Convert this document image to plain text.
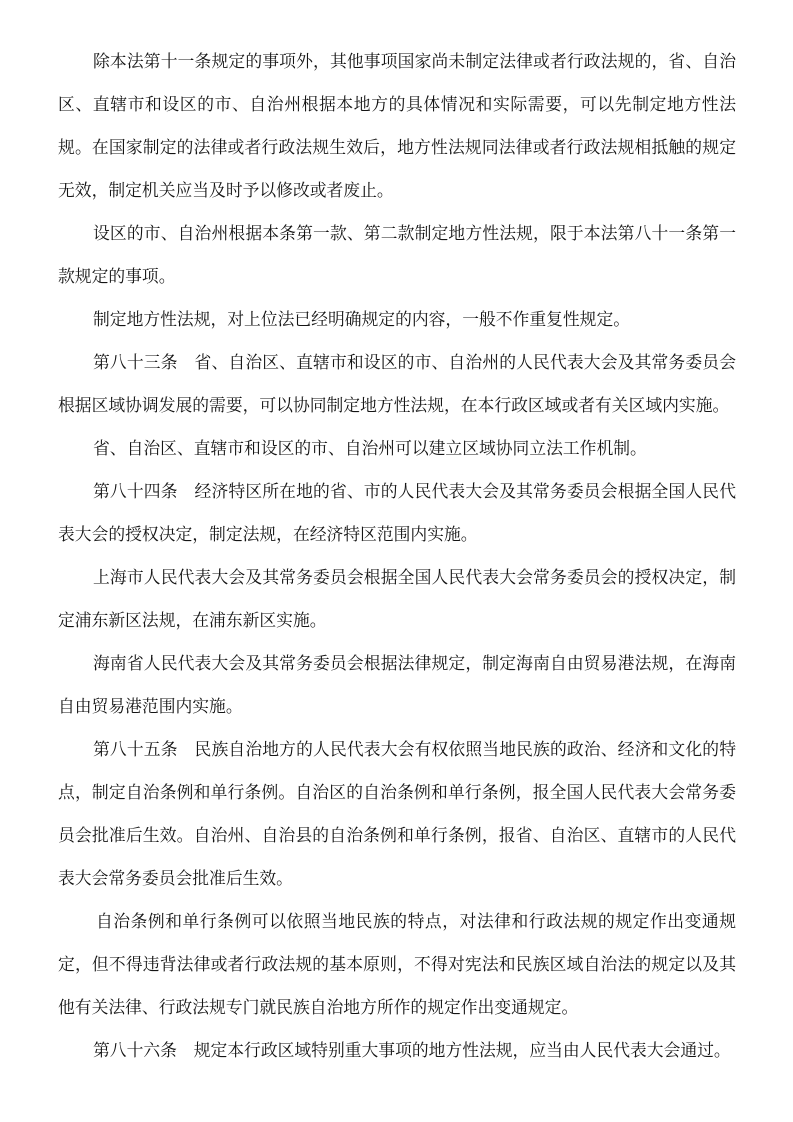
除本法第十一条规定的事项外，其他事项国家尚未制定法律或者行政法规的，省、自治
区、直辖市和设区的市、自治州根据本地方的具体情况和实际需要，可以先制定地方性法
规。在国家制定的法律或者行政法规生效后，地方性法规同法律或者行政法规相抵触的规定
无效，制定机关应当及时予以修改或者废止。
设区的市、自治州根据本条第一款、第二款制定地方性法规，限于本法第八十一条第一
款规定的事项。
制定地方性法规，对上位法已经明确规定的内容，一般不作重复性规定。
第八十三条　省、自治区、直辖市和设区的市、自治州的人民代表大会及其常务委员会
根据区域协调发展的需要，可以协同制定地方性法规，在本行政区域或者有关区域内实施。
省、自治区、直辖市和设区的市、自治州可以建立区域协同立法工作机制。
第八十四条　经济特区所在地的省、市的人民代表大会及其常务委员会根据全国人民代
表大会的授权决定，制定法规，在经济特区范围内实施。
上海市人民代表大会及其常务委员会根据全国人民代表大会常务委员会的授权决定，制
定浦东新区法规，在浦东新区实施。
海南省人民代表大会及其常务委员会根据法律规定，制定海南自由贸易港法规，在海南
自由贸易港范围内实施。
第八十五条　民族自治地方的人民代表大会有权依照当地民族的政治、经济和文化的特
点，制定自治条例和单行条例。自治区的自治条例和单行条例，报全国人民代表大会常务委
员会批准后生效。自治州、自治县的自治条例和单行条例，报省、自治区、直辖市的人民代
表大会常务委员会批准后生效。
自治条例和单行条例可以依照当地民族的特点，对法律和行政法规的规定作出变通规
定，但不得违背法律或者行政法规的基本原则，不得对宪法和民族区域自治法的规定以及其
他有关法律、行政法规专门就民族自治地方所作的规定作出变通规定。
第八十六条　规定本行政区域特别重大事项的地方性法规，应当由人民代表大会通过。
